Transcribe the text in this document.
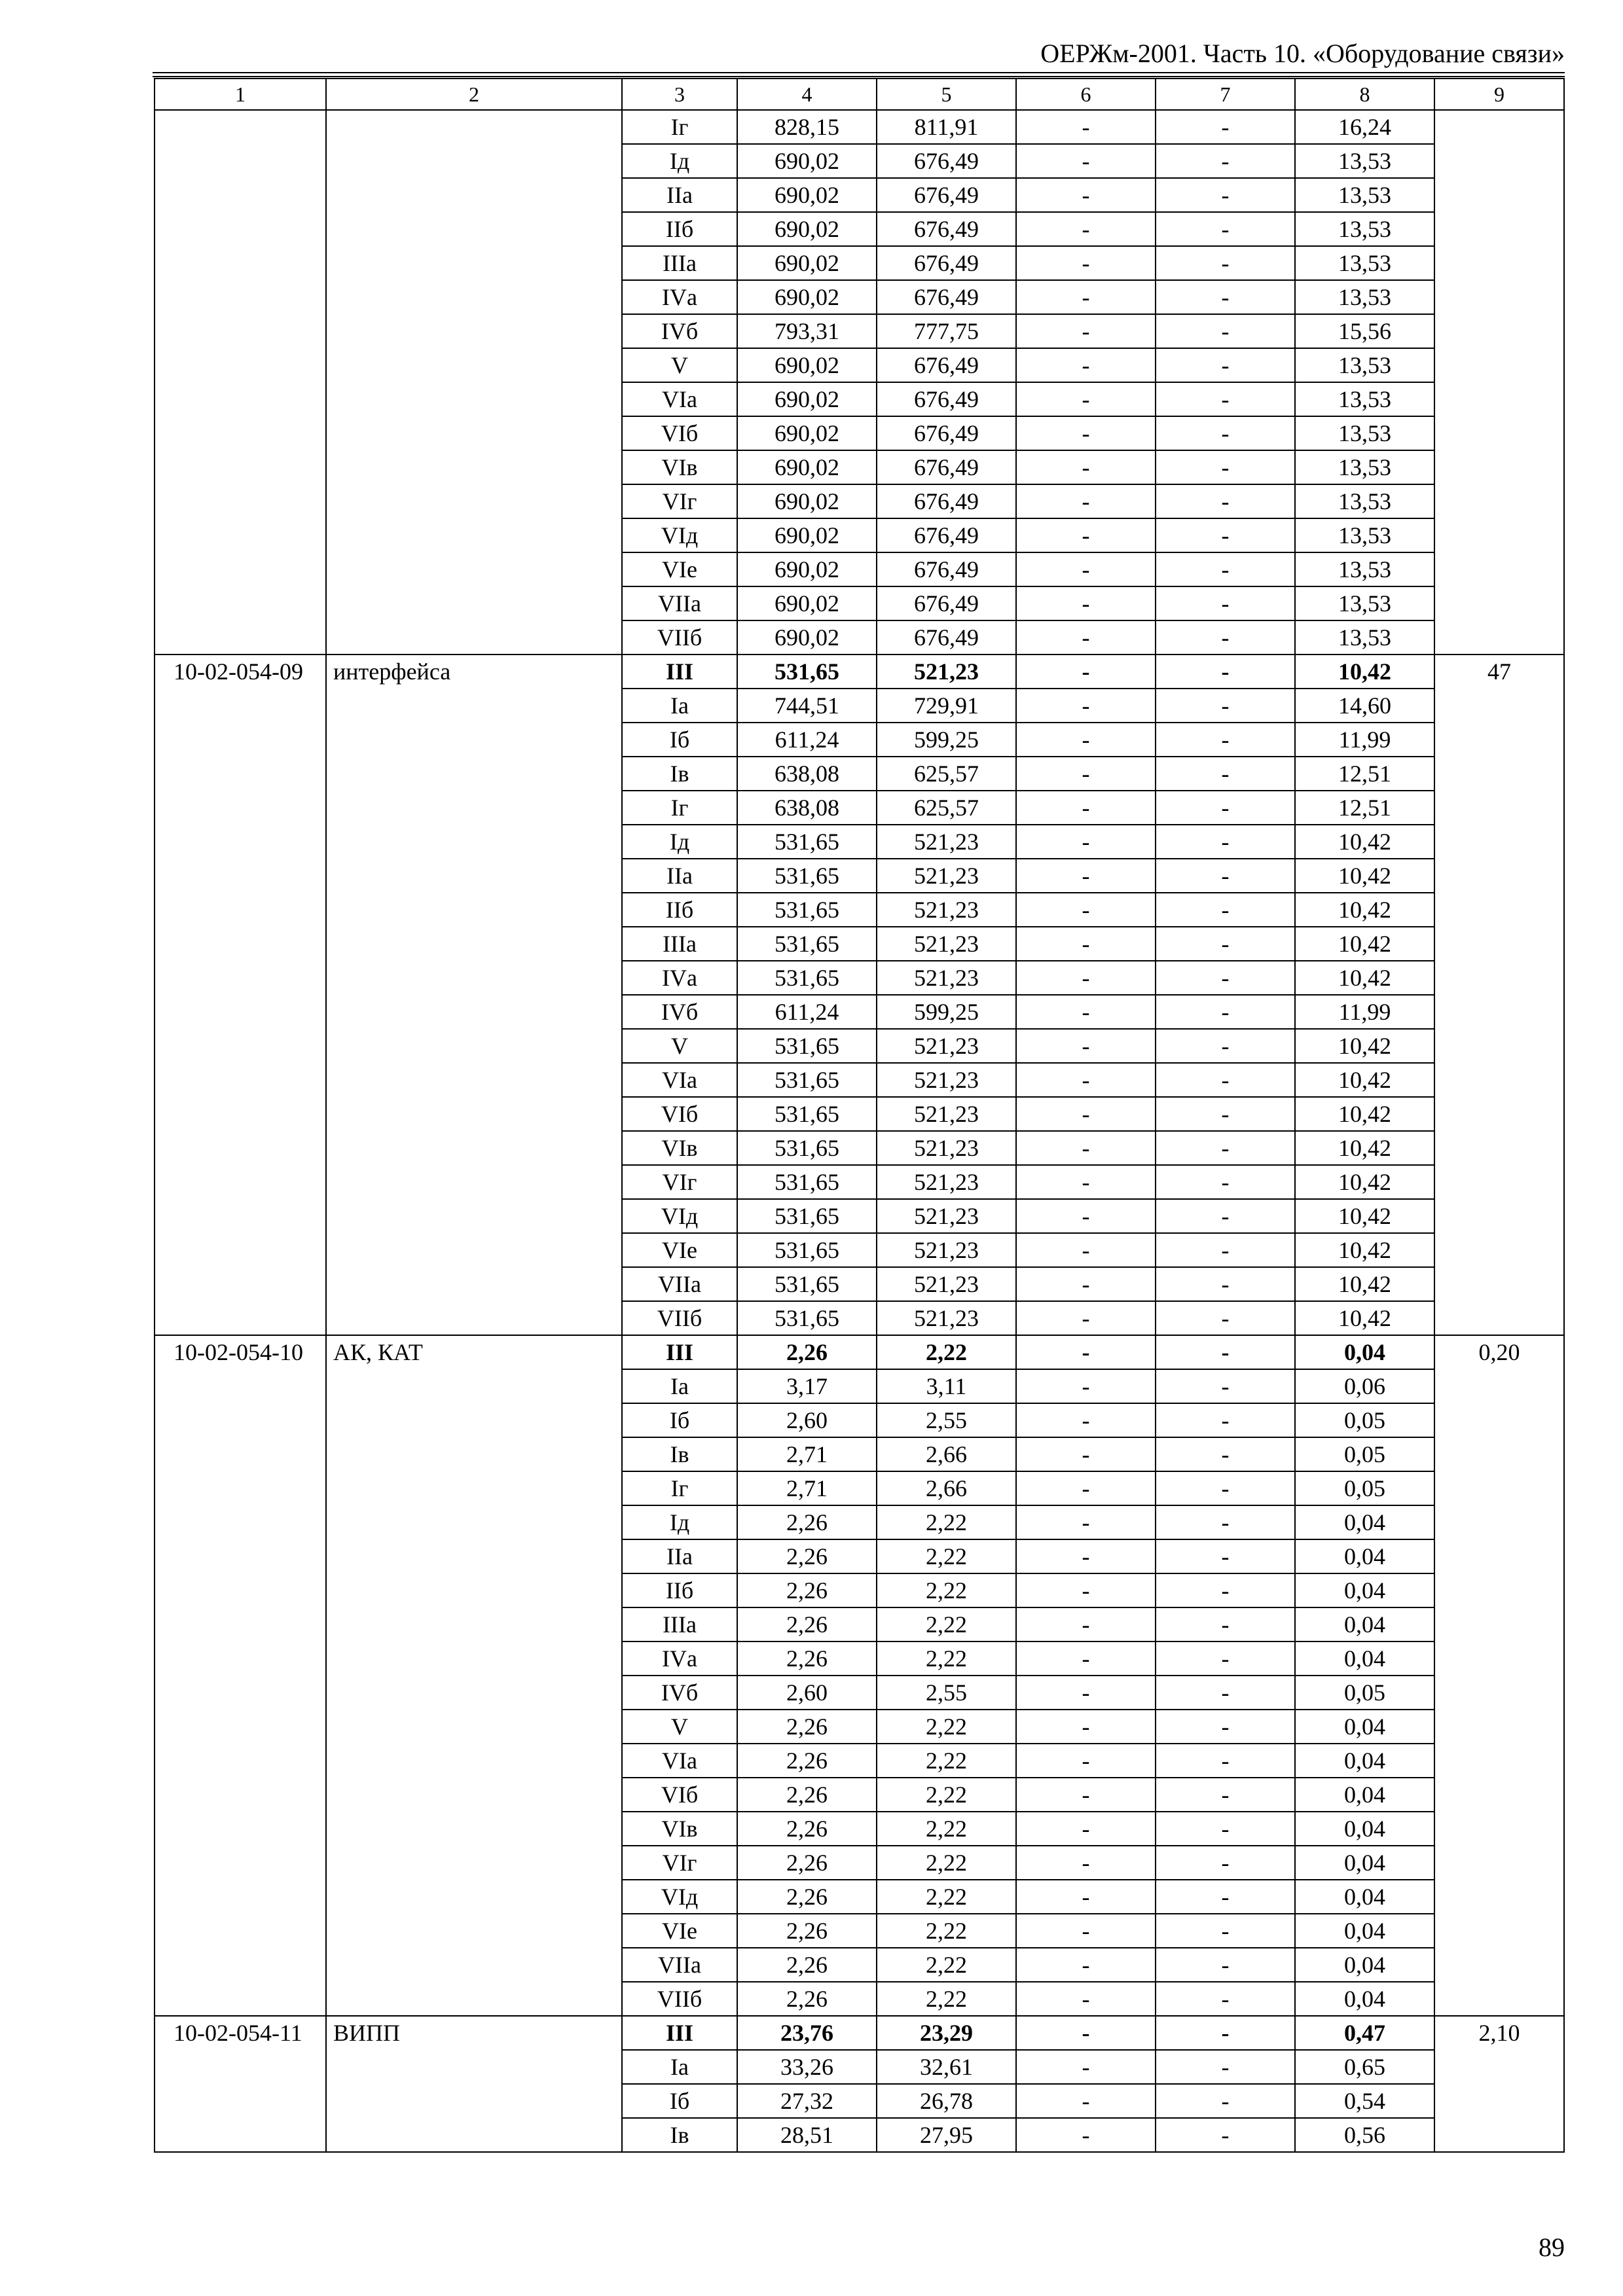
ОЕРЖм-2001. Часть 10. «Оборудование связи»
1	2	3	4	5	6	7	8	9
		Iг	828,15	811,91	-	-	16,24	
		Iд	690,02	676,49	-	-	13,53	
		IIа	690,02	676,49	-	-	13,53	
		IIб	690,02	676,49	-	-	13,53	
		IIIа	690,02	676,49	-	-	13,53	
		IVа	690,02	676,49	-	-	13,53	
		IVб	793,31	777,75	-	-	15,56	
		V	690,02	676,49	-	-	13,53	
		VIа	690,02	676,49	-	-	13,53	
		VIб	690,02	676,49	-	-	13,53	
		VIв	690,02	676,49	-	-	13,53	
		VIг	690,02	676,49	-	-	13,53	
		VIд	690,02	676,49	-	-	13,53	
		VIе	690,02	676,49	-	-	13,53	
		VIIа	690,02	676,49	-	-	13,53	
		VIIб	690,02	676,49	-	-	13,53	
10-02-054-09	интерфейса	III	531,65	521,23	-	-	10,42	47
		Iа	744,51	729,91	-	-	14,60	
		Iб	611,24	599,25	-	-	11,99	
		Iв	638,08	625,57	-	-	12,51	
		Iг	638,08	625,57	-	-	12,51	
		Iд	531,65	521,23	-	-	10,42	
		IIа	531,65	521,23	-	-	10,42	
		IIб	531,65	521,23	-	-	10,42	
		IIIа	531,65	521,23	-	-	10,42	
		IVа	531,65	521,23	-	-	10,42	
		IVб	611,24	599,25	-	-	11,99	
		V	531,65	521,23	-	-	10,42	
		VIа	531,65	521,23	-	-	10,42	
		VIб	531,65	521,23	-	-	10,42	
		VIв	531,65	521,23	-	-	10,42	
		VIг	531,65	521,23	-	-	10,42	
		VIд	531,65	521,23	-	-	10,42	
		VIе	531,65	521,23	-	-	10,42	
		VIIа	531,65	521,23	-	-	10,42	
		VIIб	531,65	521,23	-	-	10,42	
10-02-054-10	АК, КАТ	III	2,26	2,22	-	-	0,04	0,20
		Iа	3,17	3,11	-	-	0,06	
		Iб	2,60	2,55	-	-	0,05	
		Iв	2,71	2,66	-	-	0,05	
		Iг	2,71	2,66	-	-	0,05	
		Iд	2,26	2,22	-	-	0,04	
		IIа	2,26	2,22	-	-	0,04	
		IIб	2,26	2,22	-	-	0,04	
		IIIа	2,26	2,22	-	-	0,04	
		IVа	2,26	2,22	-	-	0,04	
		IVб	2,60	2,55	-	-	0,05	
		V	2,26	2,22	-	-	0,04	
		VIа	2,26	2,22	-	-	0,04	
		VIб	2,26	2,22	-	-	0,04	
		VIв	2,26	2,22	-	-	0,04	
		VIг	2,26	2,22	-	-	0,04	
		VIд	2,26	2,22	-	-	0,04	
		VIе	2,26	2,22	-	-	0,04	
		VIIа	2,26	2,22	-	-	0,04	
		VIIб	2,26	2,22	-	-	0,04	
10-02-054-11	ВИПП	III	23,76	23,29	-	-	0,47	2,10
		Iа	33,26	32,61	-	-	0,65	
		Iб	27,32	26,78	-	-	0,54	
		Iв	28,51	27,95	-	-	0,56	
89
